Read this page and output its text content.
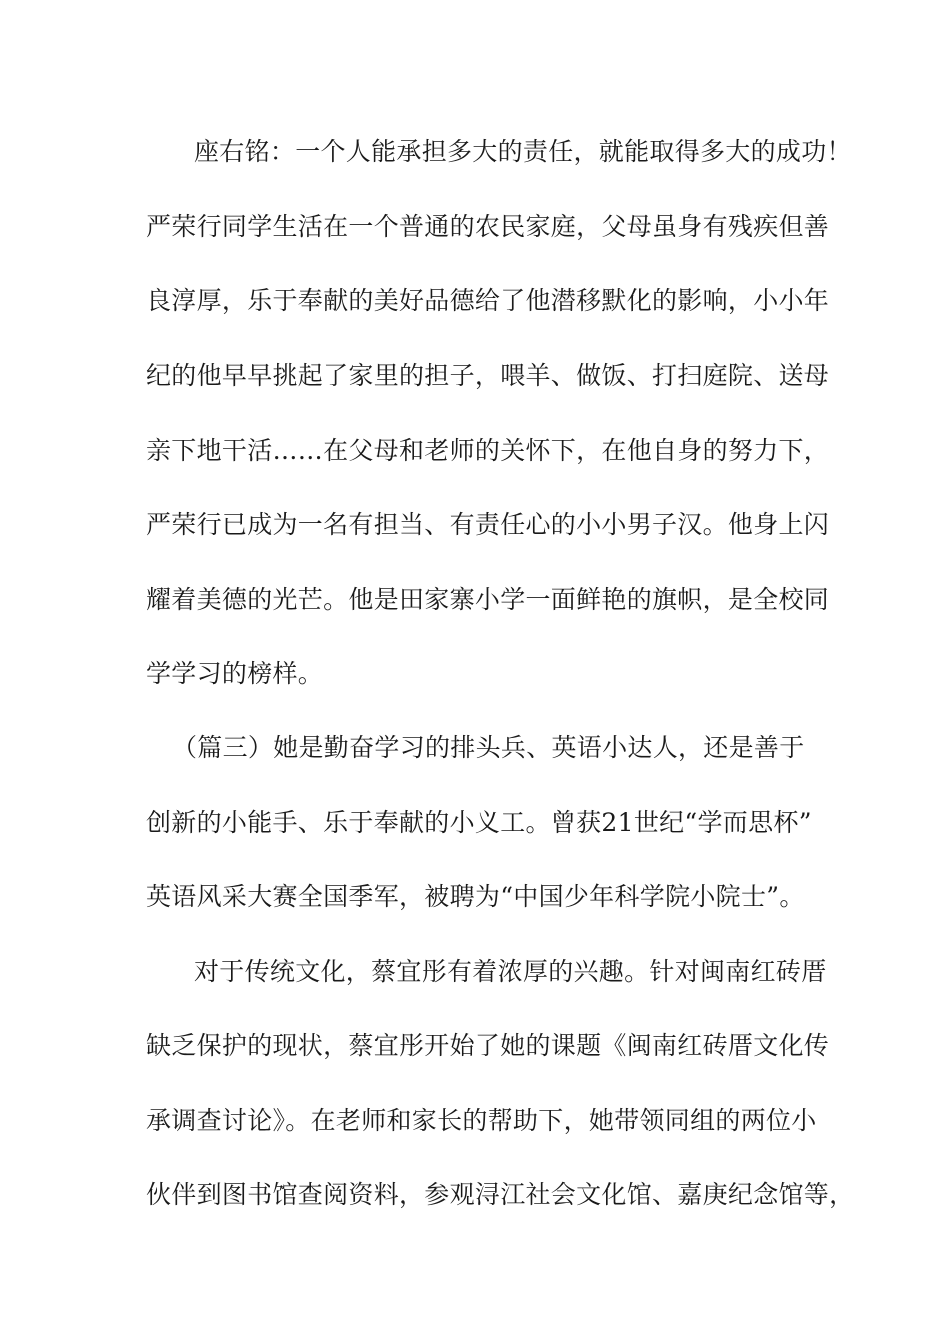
座右铭：一个人能承担多大的责任，就能取得多大的成功！
严荣行同学生活在一个普通的农民家庭，父母虽身有残疾但善
良淳厚，乐于奉献的美好品德给了他潜移默化的影响，小小年
纪的他早早挑起了家里的担子，喂羊、做饭、打扫庭院、送母
亲下地干活……在父母和老师的关怀下，在他自身的努力下，
严荣行已成为一名有担当、有责任心的小小男子汉。他身上闪
耀着美德的光芒。他是田家寨小学一面鲜艳的旗帜，是全校同
学学习的榜样。
（篇三）她是勤奋学习的排头兵、英语小达人，还是善于
创新的小能手、乐于奉献的小义工。曾获21世纪“学而思杯”
英语风采大赛全国季军，被聘为“中国少年科学院小院士”。
对于传统文化，蔡宜彤有着浓厚的兴趣。针对闽南红砖厝
缺乏保护的现状，蔡宜彤开始了她的课题《闽南红砖厝文化传
承调查讨论》。在老师和家长的帮助下，她带领同组的两位小
伙伴到图书馆查阅资料，参观浔江社会文化馆、嘉庚纪念馆等，
